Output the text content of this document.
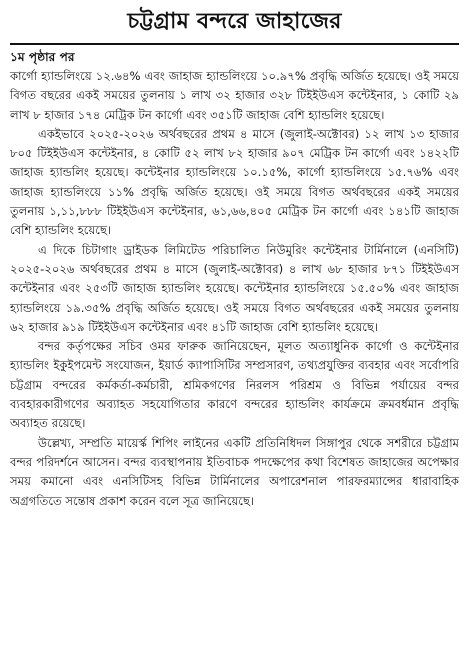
চট্টগ্রাম বন্দরে জাহাজের
১ম পৃষ্ঠার পর

কার্গো হ্যান্ডলিংয়ে ১২.৬৪% এবং জাহাজ হ্যান্ডলিংয়ে ১০.৯৭% প্রবৃদ্ধি অর্জিত হয়েছে। ওই সময়ে বিগত বছরের একই সময়ের তুলনায় ১ লাখ ৩২ হাজার ৩২৮ টিইইউএস কন্টেইনার, ১ কোটি ২৯ লাখ ৮ হাজার ১৭৪ মেট্রিক টন কার্গো এবং ৩৫১টি জাহাজ বেশি হ্যান্ডলিং হয়েছে।

একইভাবে ২০২৫-২০২৬ অর্থবছরের প্রথম ৪ মাসে (জুলাই-অক্টোবর) ১২ লাখ ১৩ হাজার ৮০৫ টিইইউএস কন্টেইনার, ৪ কোটি ৫২ লাখ ৮২ হাজার ৯০৭ মেট্রিক টন কার্গো এবং ১৪২২টি জাহাজ হ্যান্ডলিং হয়েছে। কন্টেইনার হ্যান্ডলিংয়ে ১০.১৫%, কার্গো হ্যান্ডলিংয়ে ১৫.৭৬% এবং জাহাজ হ্যান্ডলিংয়ে ১১% প্রবৃদ্ধি অর্জিত হয়েছে। ওই সময়ে বিগত অর্থবছরের একই সময়ের তুলনায় ১,১১,৮৮৮ টিইইউএস কন্টেইনার, ৬১,৬৬,৪০৫ মেট্রিক টন কার্গো এবং ১৪১টি জাহাজ বেশি হ্যান্ডলিং হয়েছে।

এ দিকে চিটাগাং ড্রাইডক লিমিটেড পরিচালিত নিউমুরিং কন্টেইনার টার্মিনালে (এনসিটি) ২০২৫-২০২৬ অর্থবছরের প্রথম ৪ মাসে (জুলাই-অক্টোবর) ৪ লাখ ৬৮ হাজার ৮৭১ টিইইউএস কন্টেইনার এবং ২৫৩টি জাহাজ হ্যান্ডলিং হয়েছে। কন্টেইনার হ্যান্ডলিংয়ে ১৫.৫০% এবং জাহাজ হ্যান্ডলিংয়ে ১৯.৩৫% প্রবৃদ্ধি অর্জিত হয়েছে। ওই সময়ে বিগত অর্থবছরের একই সময়ের তুলনায় ৬২ হাজার ৯১৯ টিইইউএস কন্টেইনার এবং ৪১টি জাহাজ বেশি হ্যান্ডলিং হয়েছে।

বন্দর কর্তৃপক্ষের সচিব ওমর ফারুক জানিয়েছেন, মূলত অত্যাধুনিক কার্গো ও কন্টেইনার হ্যান্ডলিং ইকুইপমেন্ট সংযোজন, ইয়ার্ড ক্যাপাসিটির সম্প্রসারণ, তথ্যপ্রযুক্তির ব্যবহার এবং সর্বোপরি চট্টগ্রাম বন্দরের কর্মকর্তা-কর্মচারী, শ্রমিকগণের নিরলস পরিশ্রম ও বিভিন্ন পর্যায়ের বন্দর ব্যবহারকারীগণের অব্যাহত সহযোগিতার কারণে বন্দরের হ্যান্ডলিং কার্যক্রমে ক্রমবর্ধমান প্রবৃদ্ধি অব্যাহত রয়েছে।

উল্লেখ্য, সম্প্রতি মায়ের্স্ক শিপিং লাইনের একটি প্রতিনিধিদল সিঙ্গাপুর থেকে সশরীরে চট্টগ্রাম বন্দর পরিদর্শনে আসেন। বন্দর ব্যবস্থাপনায় ইতিবাচক পদক্ষেপের কথা বিশেষত জাহাজের অপেক্ষার সময় কমানো এবং এনসিটিসহ বিভিন্ন টার্মিনালের অপারেশনাল পারফরম্যান্সের ধারাবাহিক অগ্রগতিতে সন্তোষ প্রকাশ করেন বলে সূত্র জানিয়েছে।
